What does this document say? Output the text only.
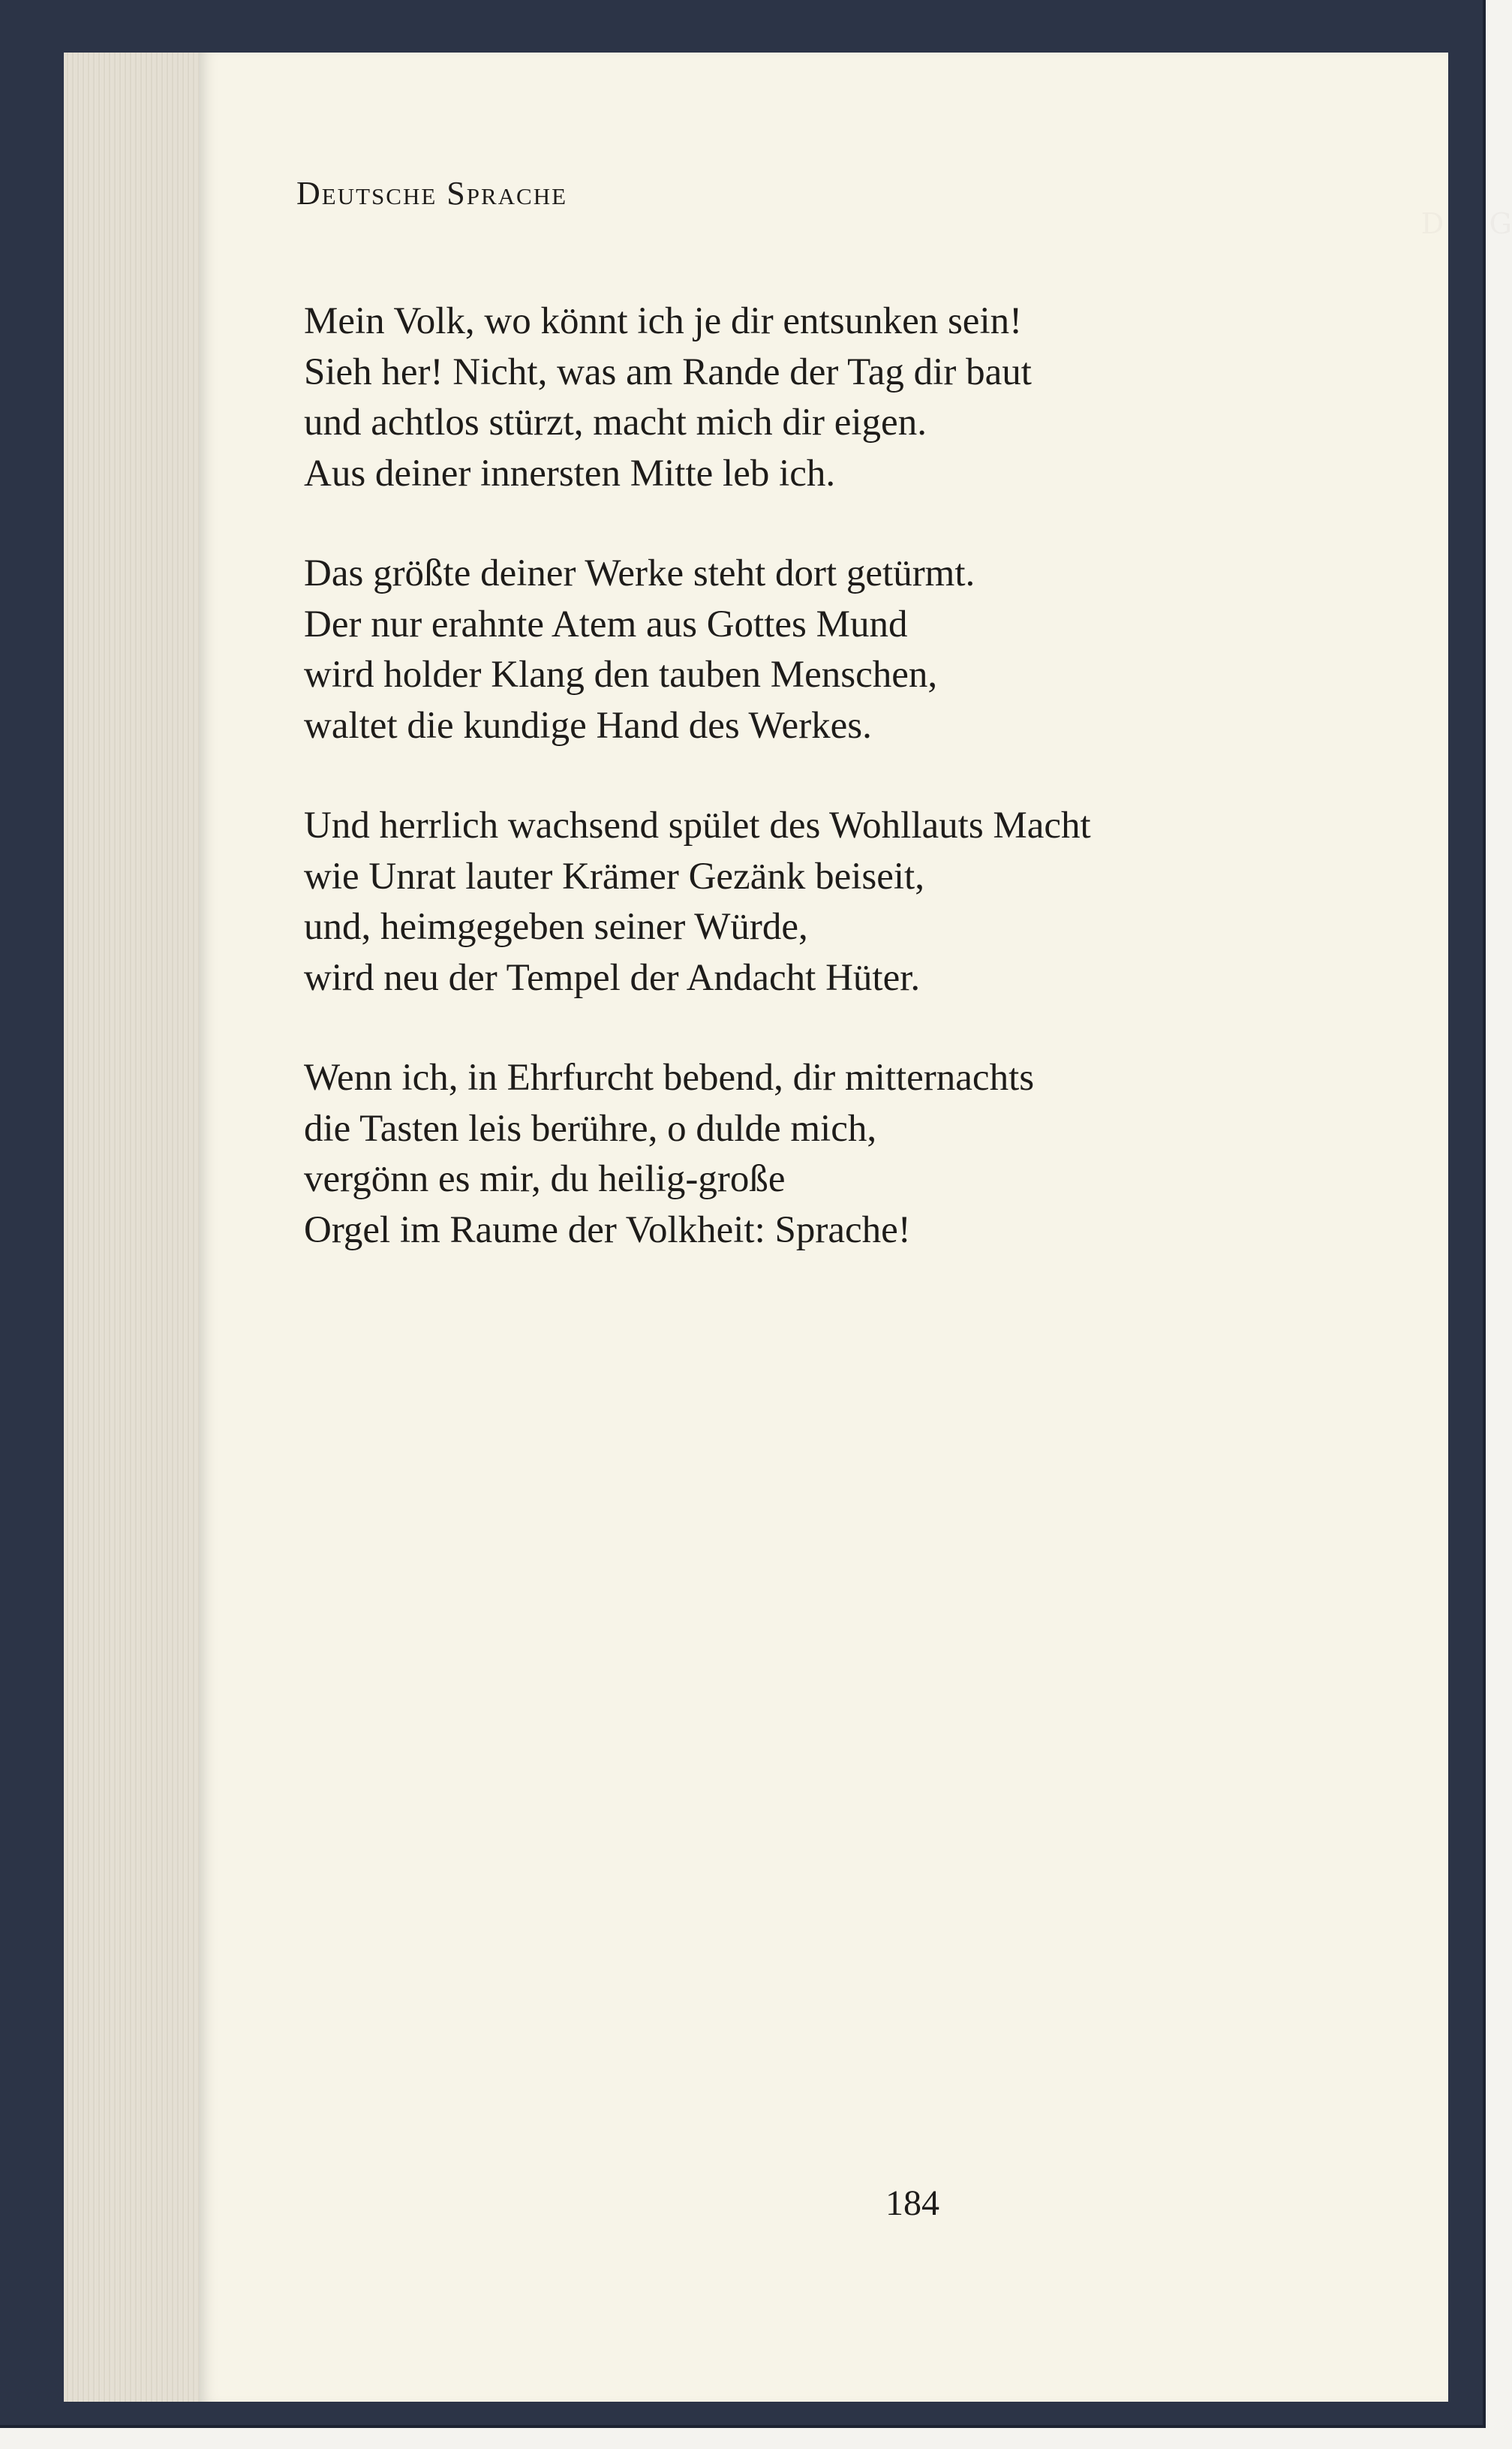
D     G

Deutsche Sprache
Mein Volk, wo könnt ich je dir entsunken sein!
Sieh her! Nicht, was am Rande der Tag dir baut
und achtlos stürzt, macht mich dir eigen.
Aus deiner innersten Mitte leb ich.
Das größte deiner Werke steht dort getürmt.
Der nur erahnte Atem aus Gottes Mund
wird holder Klang den tauben Menschen,
waltet die kundige Hand des Werkes.
Und herrlich wachsend spület des Wohllauts Macht
wie Unrat lauter Krämer Gezänk beiseit,
und, heimgegeben seiner Würde,
wird neu der Tempel der Andacht Hüter.
Wenn ich, in Ehrfurcht bebend, dir mitternachts
die Tasten leis berühre, o dulde mich,
vergönn es mir, du heilig-große
Orgel im Raume der Volkheit: Sprache!
184
